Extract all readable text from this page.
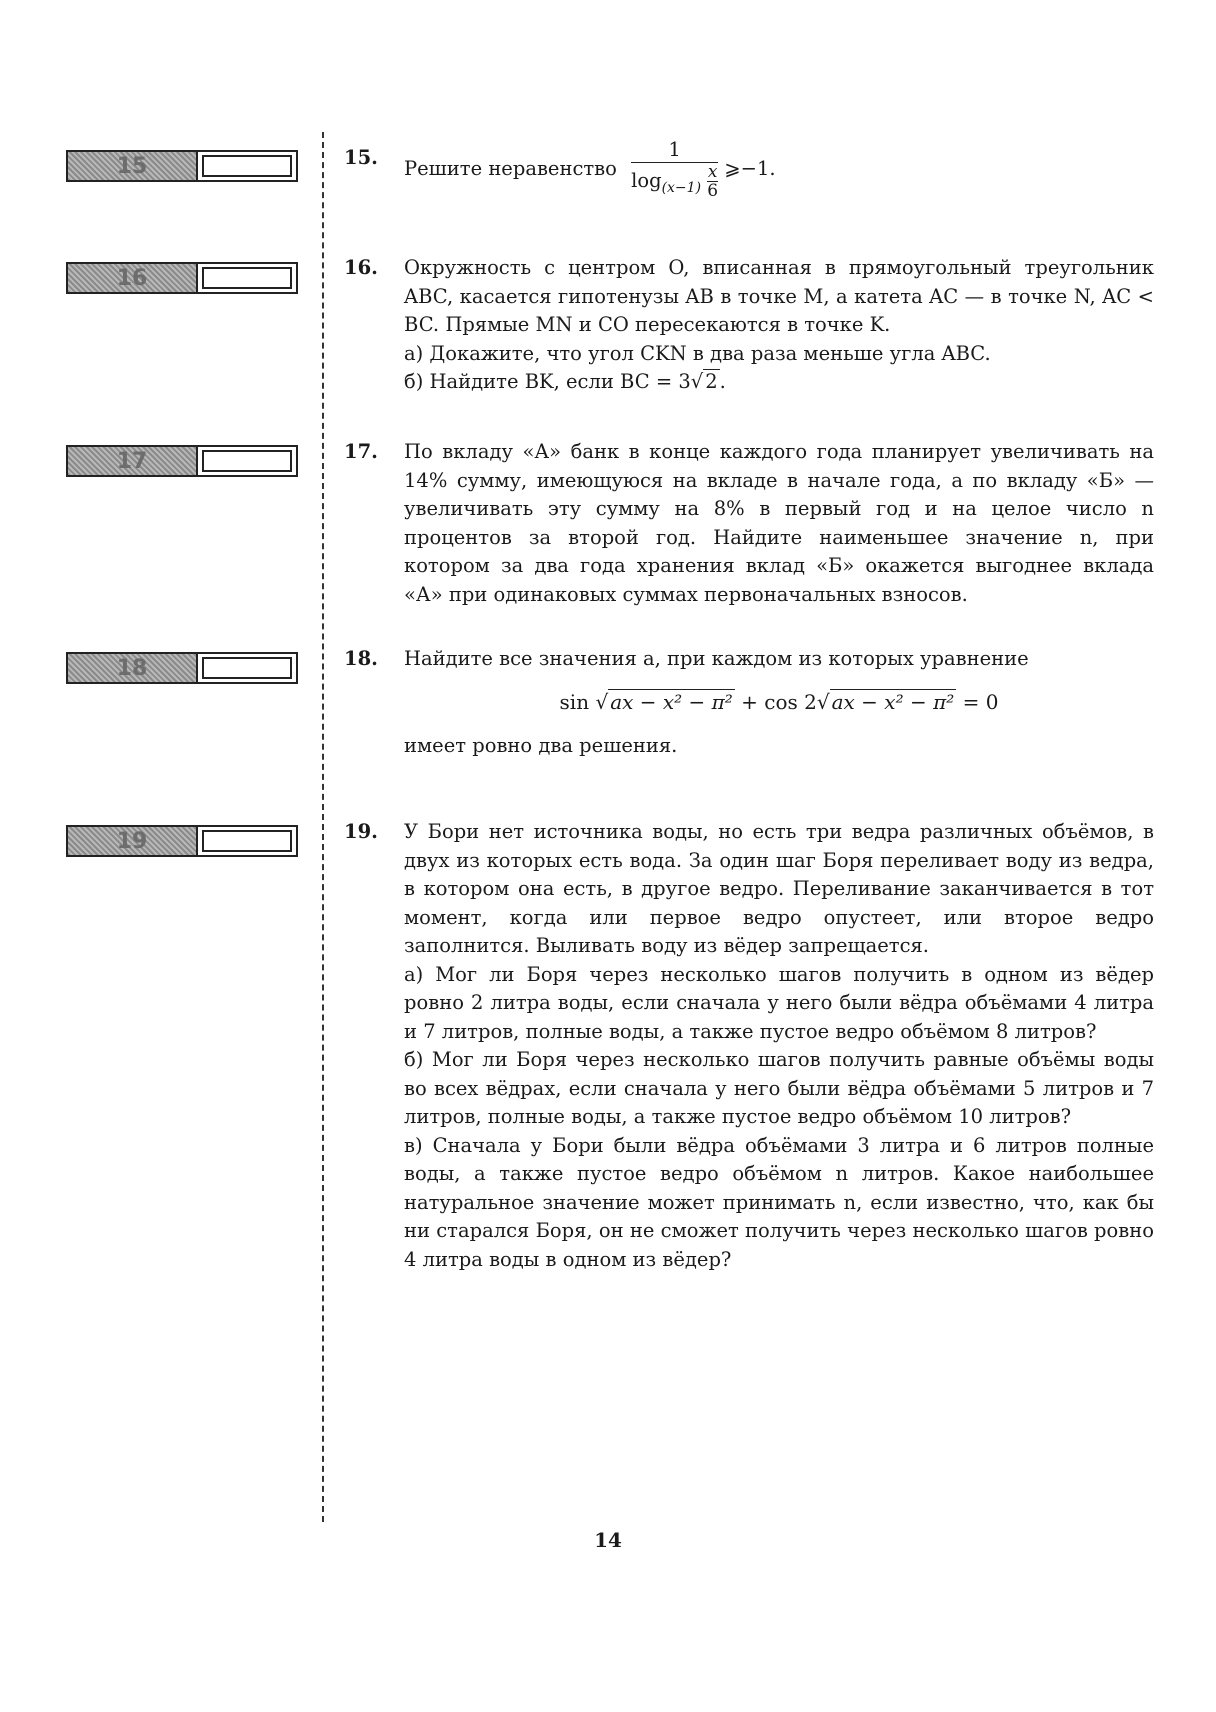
15
16
17
18
19
15. Решите неравенство $\frac{1}{\log_{(x-1)} \frac{x}{6}}$ ⩾−1.
16. Окружность с центром O, вписанная в прямоугольный треугольник ABC, касается гипотенузы AB в точке M, а катета AC — в точке N, AC < BC. Прямые MN и CO пересекаются в точке K.

а) Докажите, что угол CKN в два раза меньше угла ABC.

б) Найдите BK, если BC = 3√ 2 .

17. По вкладу «А» банк в конце каждого года планирует увеличивать на 14% сумму, имеющуюся на вкладе в начале года, а по вкладу «Б» — увеличивать эту сумму на 8% в первый год и на целое число n процентов за второй год. Найдите наименьшее значение n, при котором за два года хранения вклад «Б» окажется выгоднее вклада «А» при одинаковых суммах первоначальных взносов.

18. Найдите все значения a, при каждом из которых уравнение

sin √ ax − x² − π² + cos 2√ ax − x² − π² = 0

имеет ровно два решения.

19. У Бори нет источника воды, но есть три ведра различных объёмов, в двух из которых есть вода. За один шаг Боря переливает воду из ведра, в котором она есть, в другое ведро. Переливание заканчивается в тот момент, когда или первое ведро опустеет, или второе ведро заполнится. Выливать воду из вёдер запрещается.

а) Мог ли Боря через несколько шагов получить в одном из вёдер ровно 2 литра воды, если сначала у него были вёдра объёмами 4 литра и 7 литров, полные воды, а также пустое ведро объёмом 8 литров?

б) Мог ли Боря через несколько шагов получить равные объёмы воды во всех вёдрах, если сначала у него были вёдра объёмами 5 литров и 7 литров, полные воды, а также пустое ведро объёмом 10 литров?

в) Сначала у Бори были вёдра объёмами 3 литра и 6 литров полные воды, а также пустое ведро объёмом n литров. Какое наибольшее натуральное значение может принимать n, если известно, что, как бы ни старался Боря, он не сможет получить через несколько шагов ровно 4 литра воды в одном из вёдер?

14
